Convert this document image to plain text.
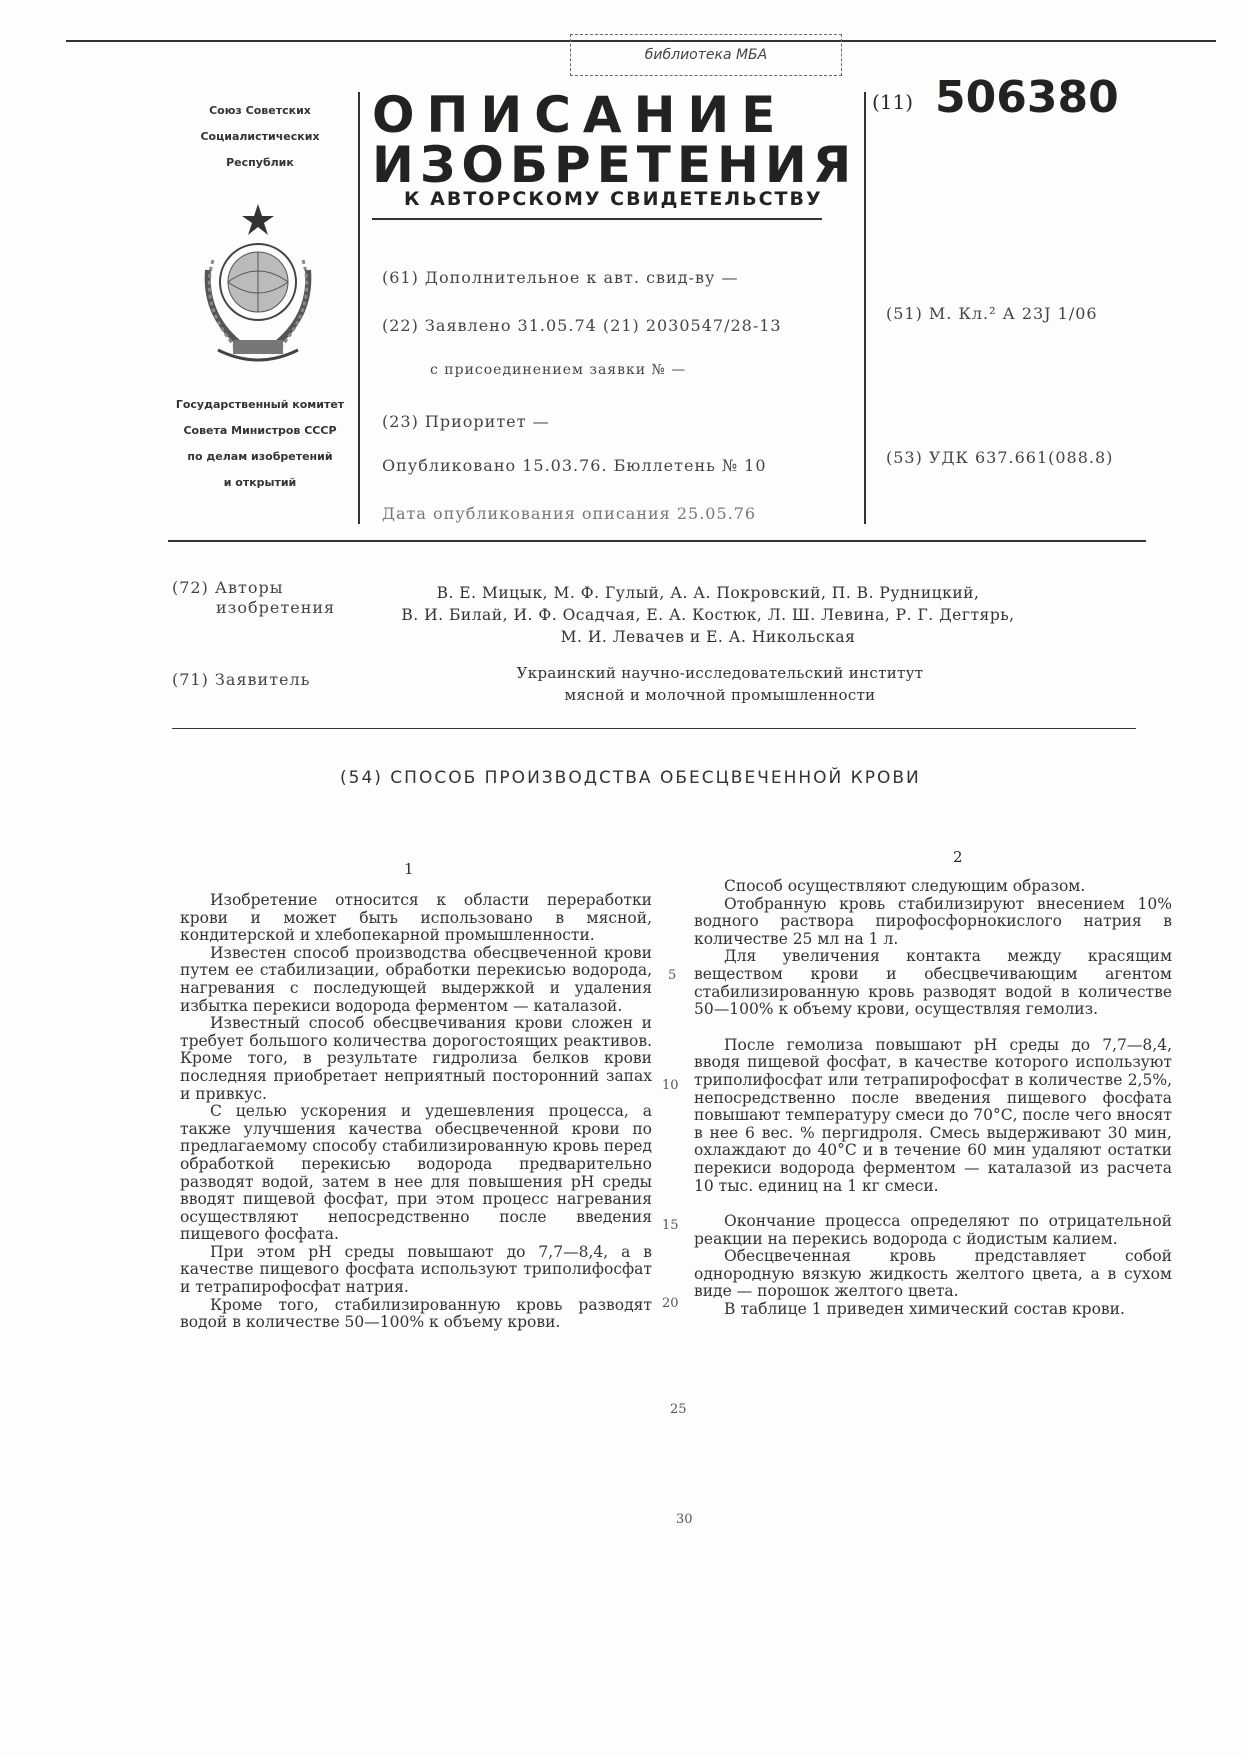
библиотека МБА
Союз Советских
Социалистических
Республик
Государственный комитет
Совета Министров СССР
по делам изобретений
и открытий
ОПИСАНИЕ
ИЗОБРЕТЕНИЯ
К АВТОРСКОМУ СВИДЕТЕЛЬСТВУ
(11) 506380
(61) Дополнительное к авт. свид-ву —
(22) Заявлено 31.05.74 (21) 2030547/28-13
с присоединением заявки № —
(23) Приоритет —
Опубликовано 15.03.76. Бюллетень № 10
Дата опубликования описания 25.05.76
(51) М. Кл.² А 23J 1/06
(53) УДК 637.661(088.8)
(72) Авторы
изобретения
В. Е. Мицык, М. Ф. Гулый, А. А. Покровский, П. В. Рудницкий,
В. И. Билай, И. Ф. Осадчая, Е. А. Костюк, Л. Ш. Левина, Р. Г. Дегтярь,
М. И. Левачев и Е. А. Никольская
(71) Заявитель	Украинский научно-исследовательский институт
мясной и молочной промышленности
(54) СПОСОБ ПРОИЗВОДСТВА ОБЕСЦВЕЧЕННОЙ КРОВИ
1
2

Изобретение относится к области переработки крови и может быть использовано в мясной, кондитерской и хлебопекарной промышленности.

Известен способ производства обесцвеченной крови путем ее стабилизации, обработки перекисью водорода, нагревания с последующей выдержкой и удаления избытка перекиси водорода ферментом — каталазой.

Известный способ обесцвечивания крови сложен и требует большого количества дорогостоящих реактивов. Кроме того, в результате гидролиза белков крови последняя приобретает неприятный посторонний запах и привкус.

С целью ускорения и удешевления процесса, а также улучшения качества обесцвеченной крови по предлагаемому способу стабилизированную кровь перед обработкой перекисью водорода предварительно разводят водой, затем в нее для повышения pH среды вводят пищевой фосфат, при этом процесс нагревания осуществляют непосредственно после введения пищевого фосфата.

При этом pH среды повышают до 7,7—8,4, а в качестве пищевого фосфата используют триполифосфат и тетрапирофосфат натрия.

Кроме того, стабилизированную кровь разводят водой в количестве 50—100% к объему крови.

5
10
15
20
25
30

Способ осуществляют следующим образом.

Отобранную кровь стабилизируют внесением 10% водного раствора пирофосфорнокислого натрия в количестве 25 мл на 1 л.

Для увеличения контакта между красящим веществом крови и обесцвечивающим агентом стабилизированную кровь разводят водой в количестве 50—100% к объему крови, осуществляя гемолиз.

После гемолиза повышают pH среды до 7,7—8,4, вводя пищевой фосфат, в качестве которого используют триполифосфат или тетрапирофосфат в количестве 2,5%, непосредственно после введения пищевого фосфата повышают температуру смеси до 70°С, после чего вносят в нее 6 вес. % пергидроля. Смесь выдерживают 30 мин, охлаждают до 40°С и в течение 60 мин удаляют остатки перекиси водорода ферментом — каталазой из расчета 10 тыс. единиц на 1 кг смеси.

Окончание процесса определяют по отрицательной реакции на перекись водорода с йодистым калием.

Обесцвеченная кровь представляет собой однородную вязкую жидкость желтого цвета, а в сухом виде — порошок желтого цвета.

В таблице 1 приведен химический состав крови.
